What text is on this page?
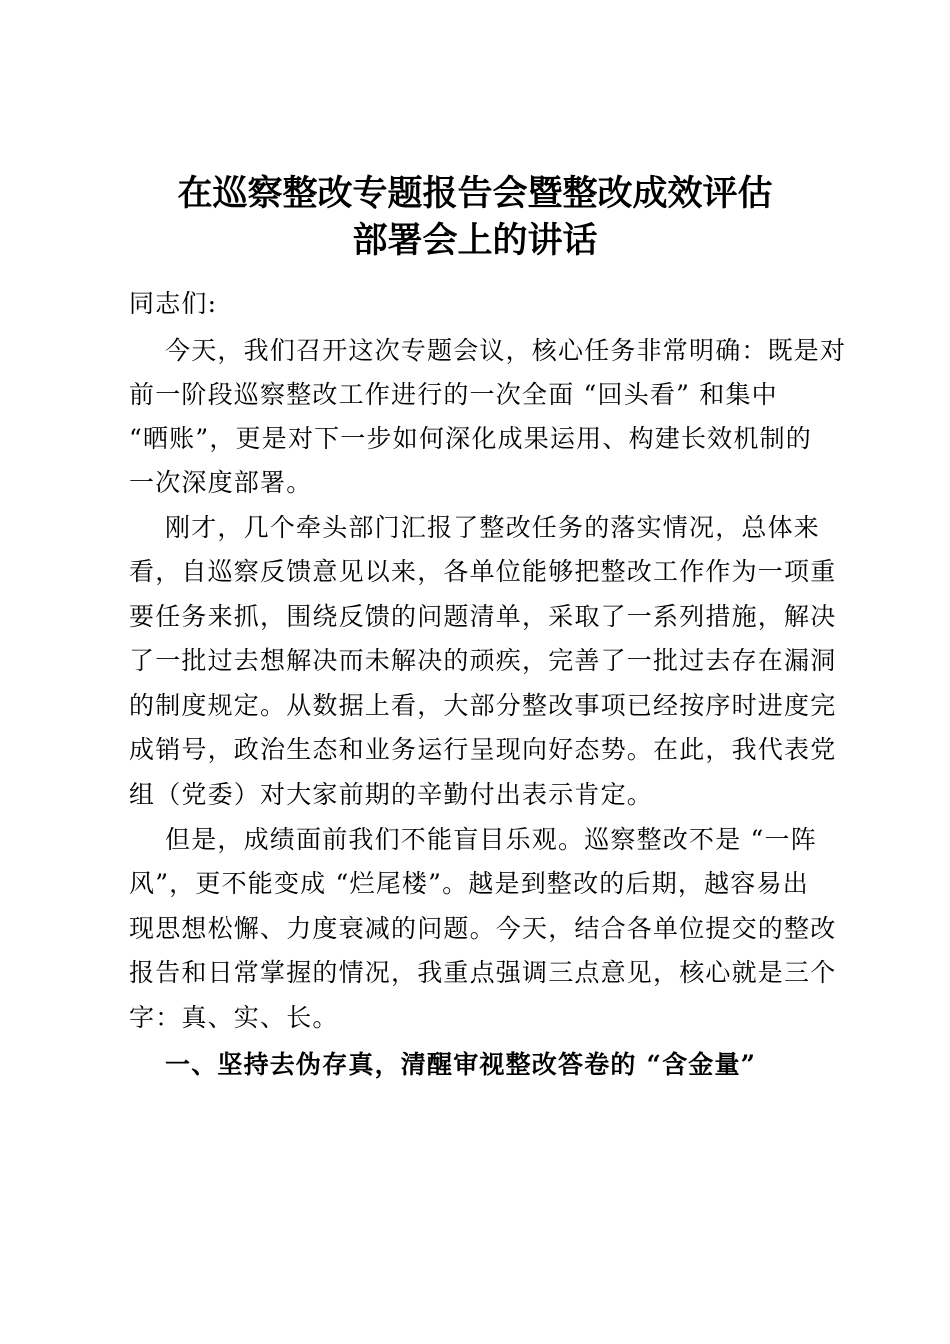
在巡察整改专题报告会暨整改成效评估
部署会上的讲话
同志们:
今天，我们召开这次专题会议，核心任务非常明确：既是对
前一阶段巡察整改工作进行的一次全面 “回头看” 和集中
“晒账”，更是对下一步如何深化成果运用、构建长效机制的
一次深度部署。
刚才，几个牵头部门汇报了整改任务的落实情况，总体来
看，自巡察反馈意见以来，各单位能够把整改工作作为一项重
要任务来抓，围绕反馈的问题清单，采取了一系列措施，解决
了一批过去想解决而未解决的顽疾，完善了一批过去存在漏洞
的制度规定。从数据上看，大部分整改事项已经按序时进度完
成销号，政治生态和业务运行呈现向好态势。在此，我代表党
组（党委）对大家前期的辛勤付出表示肯定。
但是，成绩面前我们不能盲目乐观。巡察整改不是 “一阵
风”，更不能变成 “烂尾楼”。越是到整改的后期，越容易出
现思想松懈、力度衰减的问题。今天，结合各单位提交的整改
报告和日常掌握的情况，我重点强调三点意见，核心就是三个
字：真、实、长。
一、坚持去伪存真，清醒审视整改答卷的 “含金量”
